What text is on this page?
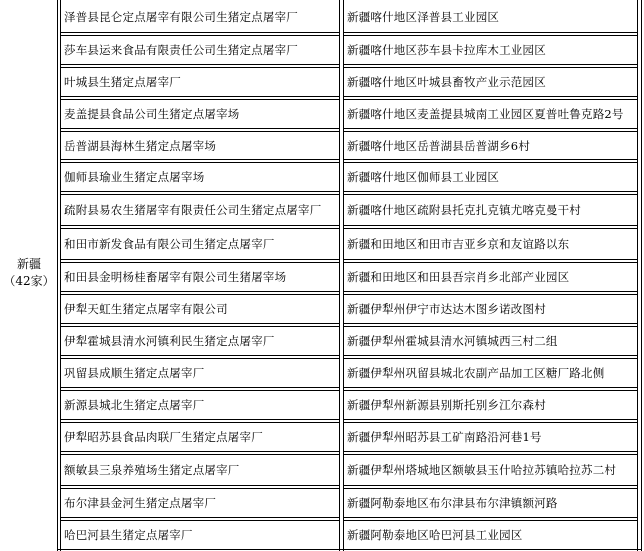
新疆
（42家）
泽普县昆仑定点屠宰有限公司生猪定点屠宰厂	新疆喀什地区泽普县工业园区
莎车县运来食品有限责任公司生猪定点屠宰厂	新疆喀什地区莎车县卡拉库木工业园区
叶城县生猪定点屠宰厂	新疆喀什地区叶城县畜牧产业示范园区
麦盖提县食品公司生猪定点屠宰场	新疆喀什地区麦盖提县城南工业园区夏普吐鲁克路2号
岳普湖县海林生猪定点屠宰场	新疆喀什地区岳普湖县岳普湖乡6村
伽师县瑜业生猪定点屠宰场	新疆喀什地区伽师县工业园区
疏附县易农生猪屠宰有限责任公司生猪定点屠宰厂	新疆喀什地区疏附县托克扎克镇尤喀克曼干村
和田市新发食品有限公司生猪定点屠宰厂	新疆和田地区和田市吉亚乡京和友谊路以东
和田县金明杨桂畜屠宰有限公司生猪屠宰场	新疆和田地区和田县吾宗肖乡北部产业园区
伊犁天虹生猪定点屠宰有限公司	新疆伊犁州伊宁市达达木图乡诺改图村
伊犁霍城县清水河镇利民生猪定点屠宰厂	新疆伊犁州霍城县清水河镇城西三村二组
巩留县成顺生猪定点屠宰厂	新疆伊犁州巩留县城北农副产品加工区糖厂路北侧
新源县城北生猪定点屠宰厂	新疆伊犁州新源县别斯托别乡江尔森村
伊犁昭苏县食品肉联厂生猪定点屠宰厂	新疆伊犁州昭苏县工矿南路沿河巷1号
额敏县三泉养殖场生猪定点屠宰厂	新疆伊犁州塔城地区额敏县玉什哈拉苏镇哈拉苏二村
布尔津县金河生猪定点屠宰厂	新疆阿勒泰地区布尔津县布尔津镇额河路
哈巴河县生猪定点屠宰厂	新疆阿勒泰地区哈巴河县工业园区
